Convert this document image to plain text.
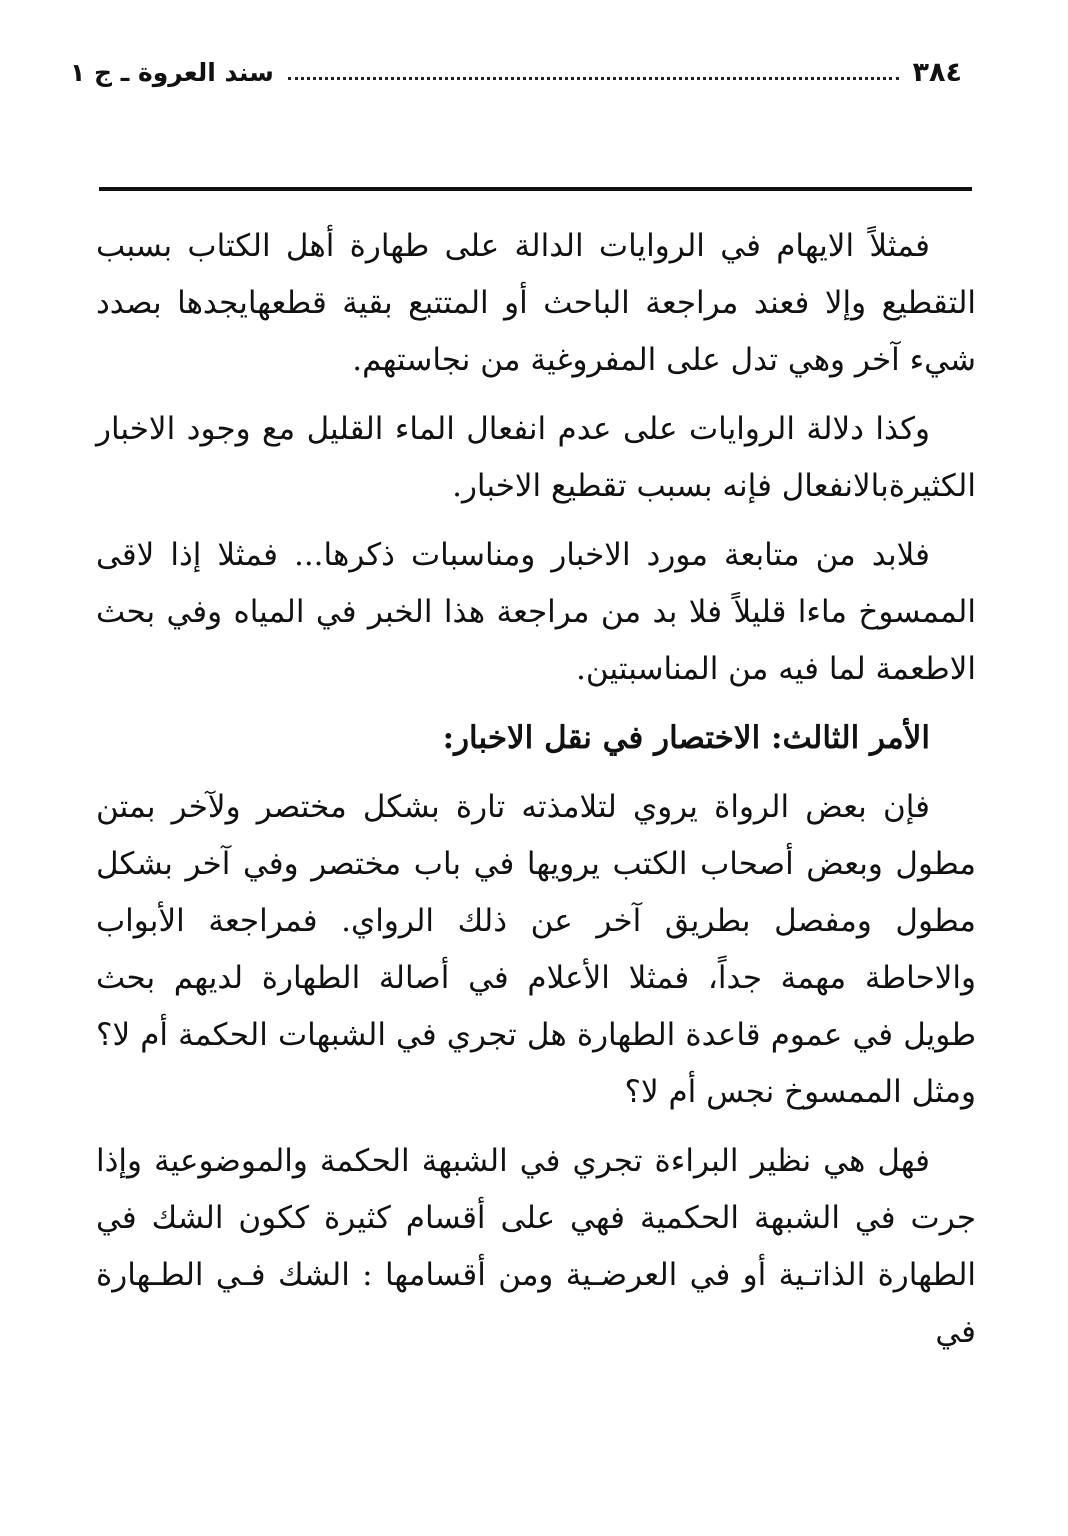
٣٨٤
سند العروة ـ ج ١

فمثلاً الايهام في الروايات الدالة على طهارة أهل الكتاب بسبب التقطيع وإلا فعند مراجعة الباحث أو المتتبع بقية قطعهايجدها بصدد شيء آخر وهي تدل على المفروغية من نجاستهم.

وكذا دلالة الروايات على عدم انفعال الماء القليل مع وجود الاخبار الكثيرةبالانفعال فإنه بسبب تقطيع الاخبار.

فلابد من متابعة مورد الاخبار ومناسبات ذكرها... فمثلا إذا لاقى الممسوخ ماءا قليلاً فلا بد من مراجعة هذا الخبر في المياه وفي بحث الاطعمة لما فيه من المناسبتين.

الأمر الثالث: الاختصار في نقل الاخبار:

فإن بعض الرواة يروي لتلامذته تارة بشكل مختصر ولآخر بمتن مطول وبعض أصحاب الكتب يرويها في باب مختصر وفي آخر بشكل مطول ومفصل بطريق آخر عن ذلك الرواي. فمراجعة الأبواب والاحاطة مهمة جداً، فمثلا الأعلام في أصالة الطهارة لديهم بحث طويل في عموم قاعدة الطهارة هل تجري في الشبهات الحكمة أم لا؟ومثل الممسوخ نجس أم لا؟

فهل هي نظير البراءة تجري في الشبهة الحكمة والموضوعية وإذا جرت في الشبهة الحكمية فهي على أقسام كثيرة ككون الشك في الطهارة الذاتـية أو في العرضـية ومن أقسامها : الشك فـي الطـهارة في
